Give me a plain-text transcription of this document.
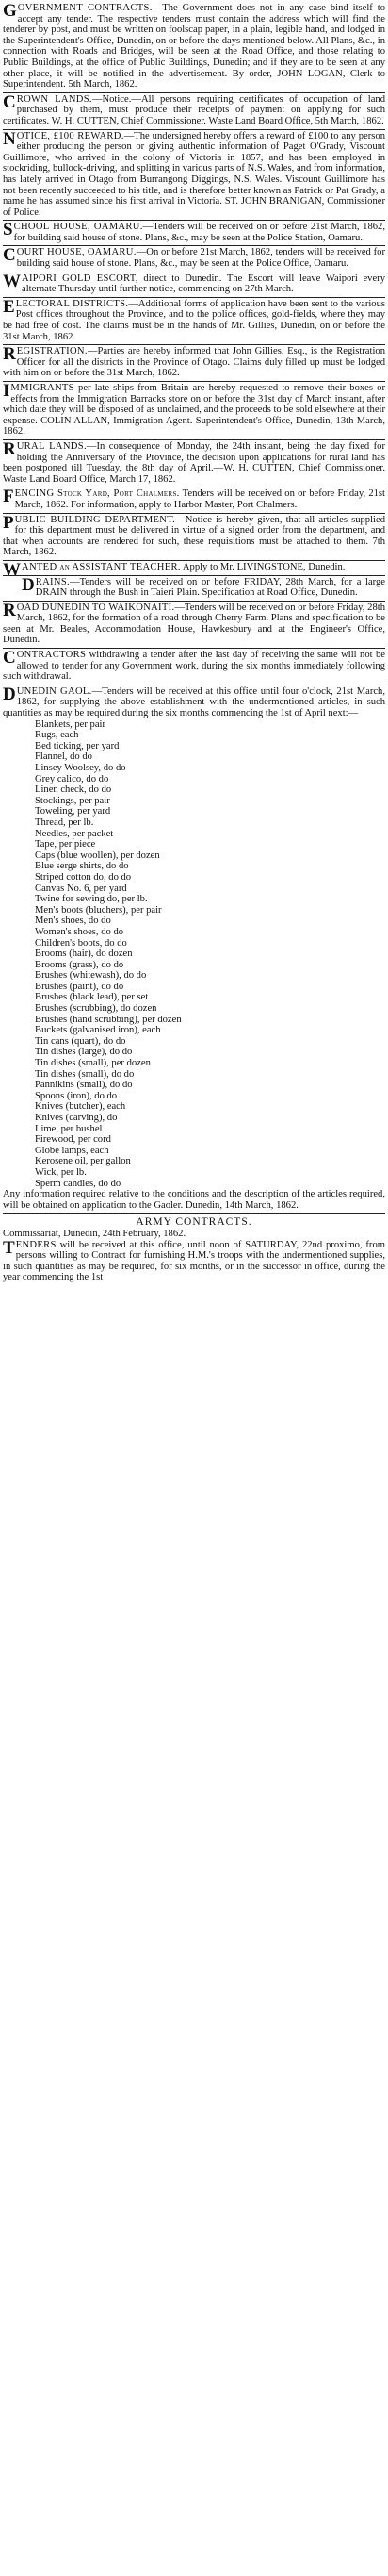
GOVERNMENT CONTRACTS.—The Government does not in any case bind itself to accept any tender. The respective tenders must contain the address which will find the tenderer by post, and must be written on foolscap paper, in a plain, legible hand, and lodged in the Superintendent's Office, Dunedin, on or before the days mentioned below. All Plans, &c., in connection with Roads and Bridges, will be seen at the Road Office, and those relating to Public Buildings, at the office of Public Buildings, Dunedin; and if they are to be seen at any other place, it will be notified in the advertisement. By order, JOHN LOGAN, Clerk to Superintendent. 5th March, 1862.

CROWN LANDS.—Notice.—All persons requiring certificates of occupation of land purchased by them, must produce their receipts of payment on applying for such certificates. W. H. CUTTEN, Chief Commissioner. Waste Land Board Office, 5th March, 1862.

NOTICE, £100 REWARD.—The undersigned hereby offers a reward of £100 to any person either producing the person or giving authentic information of Paget O'Grady, Viscount Guillimore, who arrived in the colony of Victoria in 1857, and has been employed in stockriding, bullock-driving, and splitting in various parts of N.S. Wales, and from information, has lately arrived in Otago from Burrangong Diggings, N.S. Wales. Viscount Guillimore has not been recently succeeded to his title, and is therefore better known as Patrick or Pat Grady, a name he has assumed since his first arrival in Victoria. ST. JOHN BRANIGAN, Commissioner of Police.

SCHOOL HOUSE, OAMARU.—Tenders will be received on or before 21st March, 1862, for building said house of stone. Plans, &c., may be seen at the Police Station, Oamaru.

COURT HOUSE, OAMARU.—On or before 21st March, 1862, tenders will be received for building said house of stone. Plans, &c., may be seen at the Police Office, Oamaru.

WAIPORI GOLD ESCORT, direct to Dunedin. The Escort will leave Waipori every alternate Thursday until further notice, commencing on 27th March.

ELECTORAL DISTRICTS.—Additional forms of application have been sent to the various Post offices throughout the Province, and to the police offices, gold-fields, where they may be had free of cost. The claims must be in the hands of Mr. Gillies, Dunedin, on or before the 31st March, 1862.

REGISTRATION.—Parties are hereby informed that John Gillies, Esq., is the Registration Officer for all the districts in the Province of Otago. Claims duly filled up must be lodged with him on or before the 31st March, 1862.

IMMIGRANTS per late ships from Britain are hereby requested to remove their boxes or effects from the Immigration Barracks store on or before the 31st day of March instant, after which date they will be disposed of as unclaimed, and the proceeds to be sold elsewhere at their expense. COLIN ALLAN, Immigration Agent. Superintendent's Office, Dunedin, 13th March, 1862.

RURAL LANDS.—In consequence of Monday, the 24th instant, being the day fixed for holding the Anniversary of the Province, the decision upon applications for rural land has been postponed till Tuesday, the 8th day of April.—W. H. CUTTEN, Chief Commissioner. Waste Land Board Office, March 17, 1862.

FENCING Stock Yard, Port Chalmers. Tenders will be received on or before Friday, 21st March, 1862. For information, apply to Harbor Master, Port Chalmers.

PUBLIC BUILDING DEPARTMENT.—Notice is hereby given, that all articles supplied for this department must be delivered in virtue of a signed order from the department, and that when accounts are rendered for such, these requisitions must be attached to them. 7th March, 1862.

WANTED an ASSISTANT TEACHER. Apply to Mr. LIVINGSTONE, Dunedin.

DRAINS.—Tenders will be received on or before FRIDAY, 28th March, for a large DRAIN through the Bush in Taieri Plain. Specification at Road Office, Dunedin.

ROAD DUNEDIN TO WAIKONAITI.—Tenders will be received on or before Friday, 28th March, 1862, for the formation of a road through Cherry Farm. Plans and specification to be seen at Mr. Beales, Accommodation House, Hawkesbury and at the Engineer's Office, Dunedin.

CONTRACTORS withdrawing a tender after the last day of receiving the same will not be allowed to tender for any Government work, during the six months immediately following such withdrawal.

DUNEDIN GAOL.—Tenders will be received at this office until four o'clock, 21st March, 1862, for supplying the above establishment with the undermentioned articles, in such quantities as may be required during the six months commencing the 1st of April next:—

Blankets, per pair
Rugs, each
Bed ticking, per yard
Flannel, do do
Linsey Woolsey, do do
Grey calico, do do
Linen check, do do
Stockings, per pair
Toweling, per yard
Thread, per lb.
Needles, per packet
Tape, per piece
Caps (blue woollen), per dozen
Blue serge shirts, do do
Striped cotton do, do do
Canvas No. 6, per yard
Twine for sewing do, per lb.
Men's boots (bluchers), per pair
Men's shoes, do do
Women's shoes, do do
Children's boots, do do
Brooms (hair), do dozen
Brooms (grass), do do
Brushes (whitewash), do do
Brushes (paint), do do
Brushes (black lead), per set
Brushes (scrubbing), do dozen
Brushes (hand scrubbing), per dozen
Buckets (galvanised iron), each
Tin cans (quart), do do
Tin dishes (large), do do
Tin dishes (small), per dozen
Tin dishes (small), do do
Pannikins (small), do do
Spoons (iron), do do
Knives (butcher), each
Knives (carving), do
Lime, per bushel
Firewood, per cord
Globe lamps, each
Kerosene oil, per gallon
Wick, per lb.
Sperm candles, do do

Any information required relative to the conditions and the description of the articles required, will be obtained on application to the Gaoler. Dunedin, 14th March, 1862.

ARMY CONTRACTS.

Commissariat, Dunedin, 24th February, 1862.

TENDERS will be received at this office, until noon of SATURDAY, 22nd proximo, from persons willing to Contract for furnishing H.M.'s troops with the undermentioned supplies, in such quantities as may be required, for six months, or in the successor in office, during the year commencing the 1st
